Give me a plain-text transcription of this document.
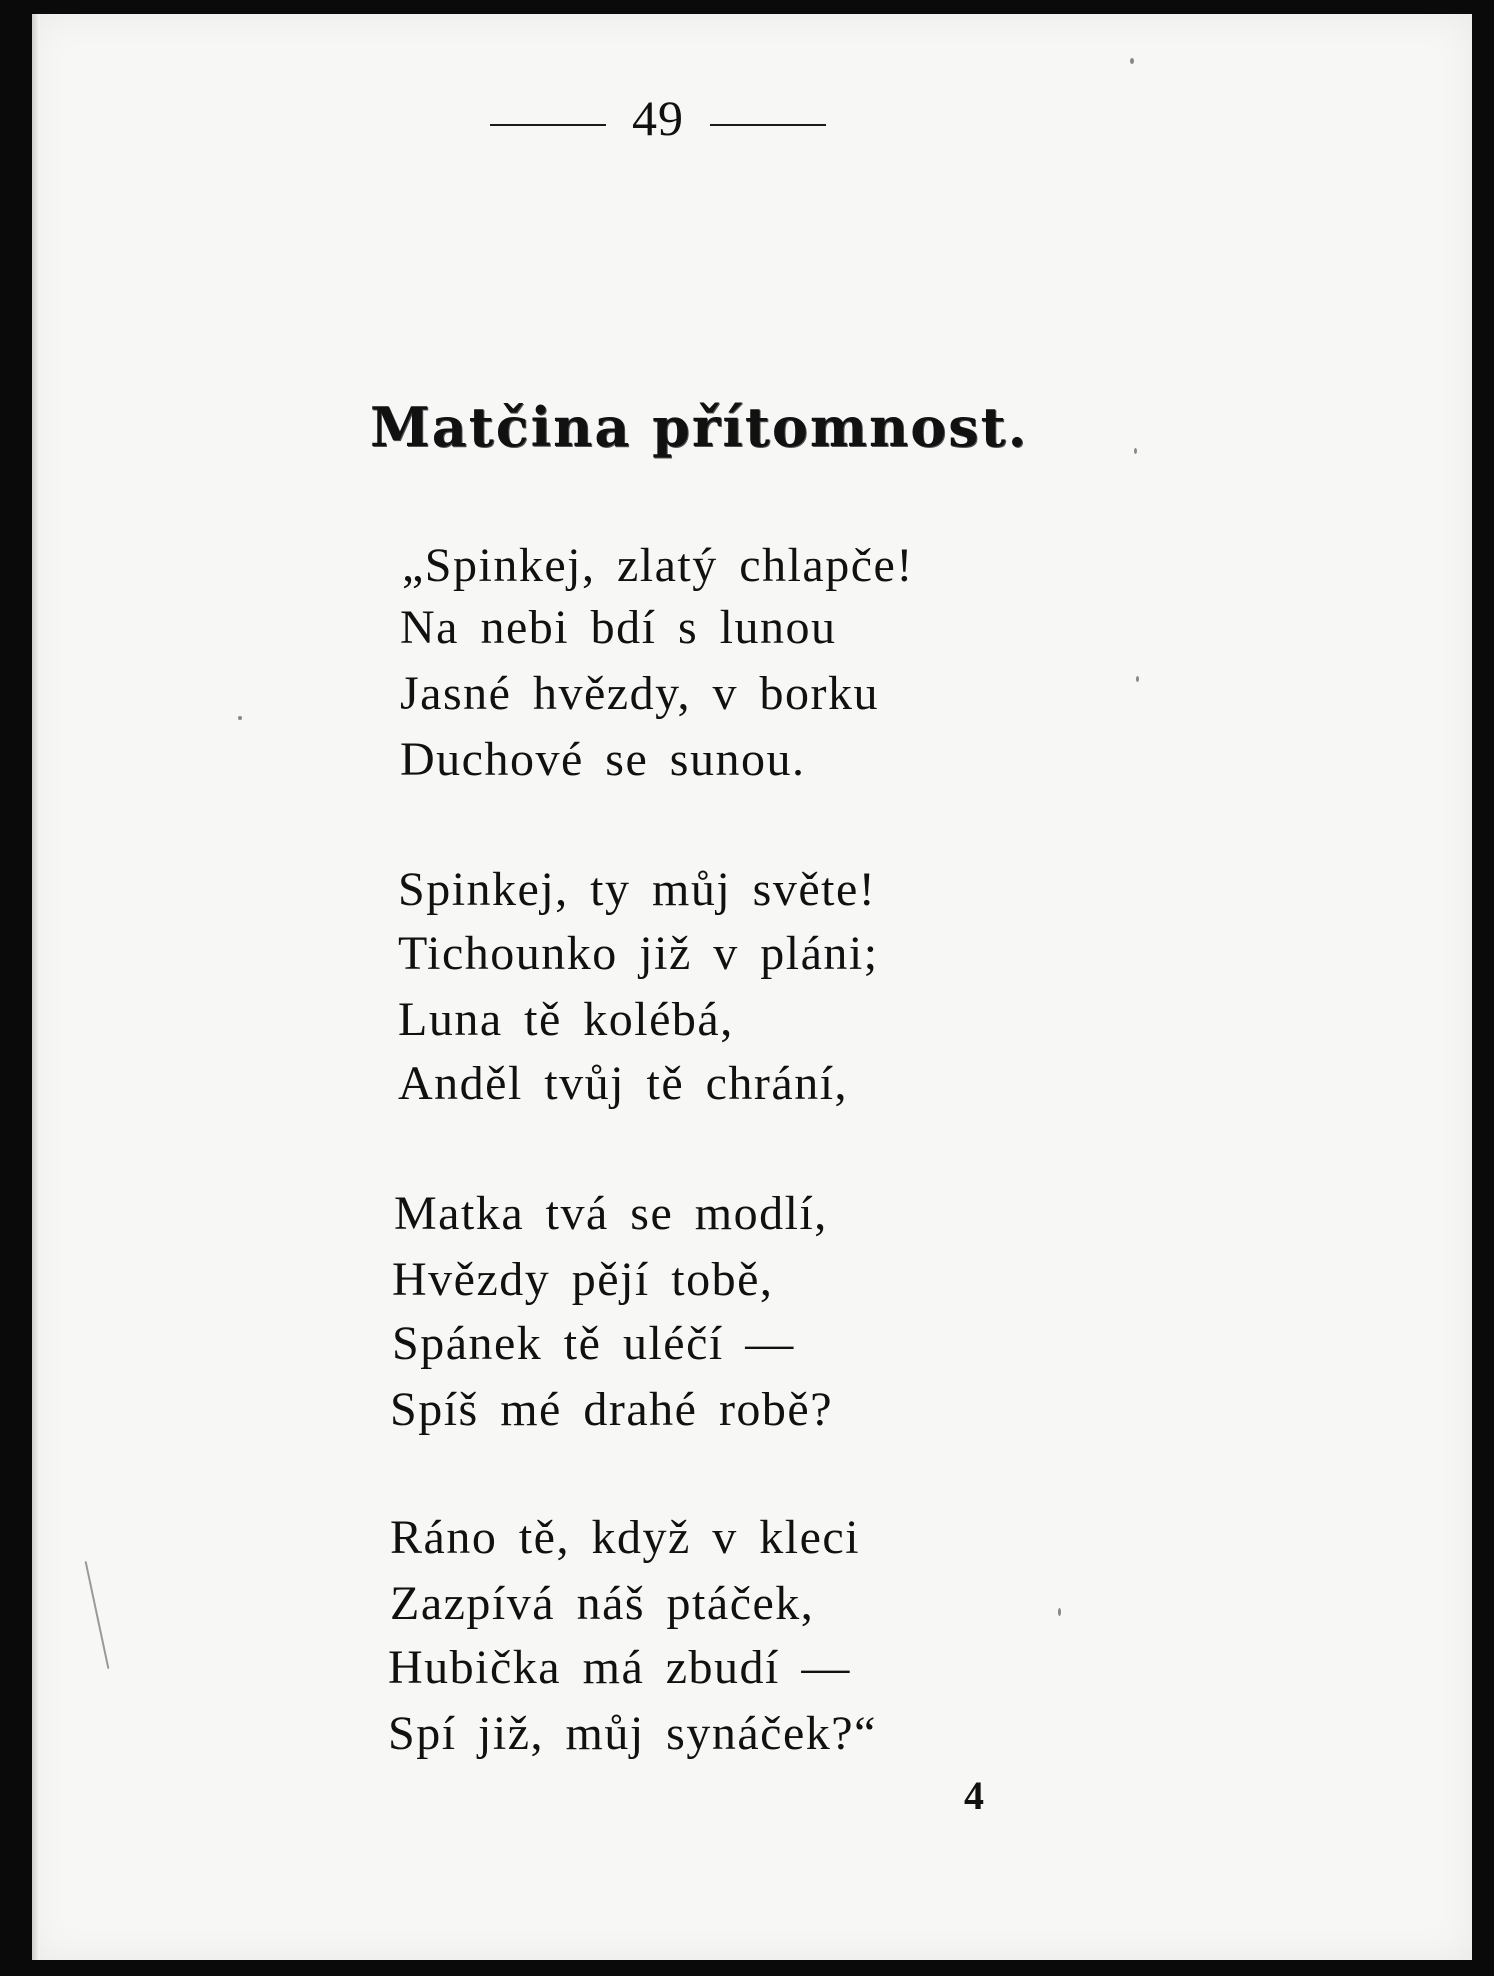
49
Matčina přítomnost.
„Spinkej, zlatý chlapče!
Na nebi bdí s lunou
Jasné hvězdy, v borku
Duchové se sunou.
Spinkej, ty můj světe!
Tichounko již v pláni;
Luna tě kolébá,
Anděl tvůj tě chrání,
Matka tvá se modlí,
Hvězdy pějí tobě,
Spánek tě uléčí —
Spíš mé drahé robě?
Ráno tě, když v kleci
Zazpívá náš ptáček,
Hubička má zbudí —
Spí již, můj synáček?“
4
